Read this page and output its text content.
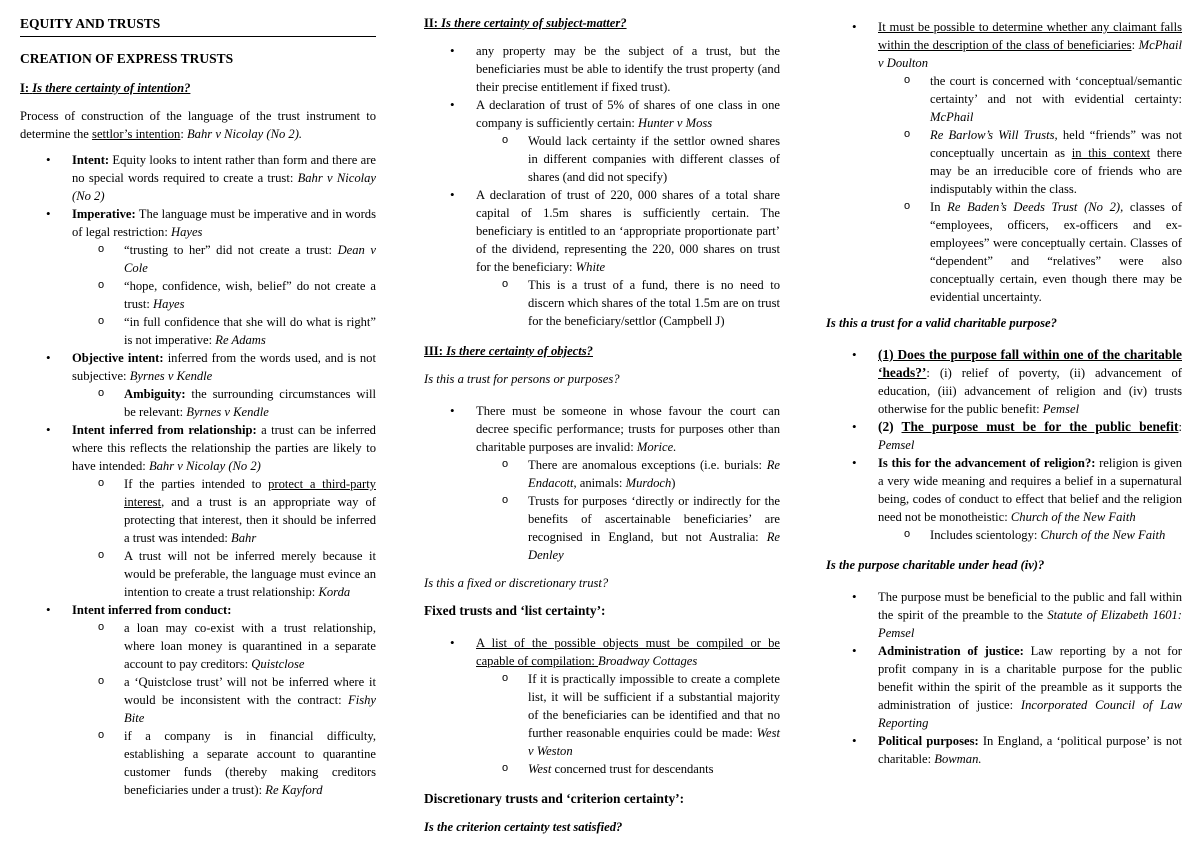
EQUITY AND TRUSTS
CREATION OF EXPRESS TRUSTS
I: Is there certainty of intention?

Process of construction of the language of the trust instrument to determine the settlor’s intention: Bahr v Nicolay (No 2).

• Intent: Equity looks to intent rather than form and there are no special words required to create a trust: Bahr v Nicolay (No 2)
• Imperative: The language must be imperative and in words of legal restriction: Hayes
o “trusting to her” did not create a trust: Dean v Cole
o “hope, confidence, wish, belief” do not create a trust: Hayes
o “in full confidence that she will do what is right” is not imperative: Re Adams
• Objective intent: inferred from the words used, and is not subjective: Byrnes v Kendle
o Ambiguity: the surrounding circumstances will be relevant: Byrnes v Kendle
• Intent inferred from relationship: a trust can be inferred where this reflects the relationship the parties are likely to have intended: Bahr v Nicolay (No 2)
o If the parties intended to protect a third-party interest, and a trust is an appropriate way of protecting that interest, then it should be inferred a trust was intended: Bahr
o A trust will not be inferred merely because it would be preferable, the language must evince an intention to create a trust relationship: Korda
• Intent inferred from conduct:
o a loan may co-exist with a trust relationship, where loan money is quarantined in a separate account to pay creditors: Quistclose
o a ‘Quistclose trust’ will not be inferred where it would be inconsistent with the contract: Fishy Bite
o if a company is in financial difficulty, establishing a separate account to quarantine customer funds (thereby making creditors beneficiaries under a trust): Re Kayford
II: Is there certainty of subject-matter?
• any property may be the subject of a trust, but the beneficiaries must be able to identify the trust property (and their precise entitlement if fixed trust).
• A declaration of trust of 5% of shares of one class in one company is sufficiently certain: Hunter v Moss
o Would lack certainty if the settlor owned shares in different companies with different classes of shares (and did not specify)
• A declaration of trust of 220, 000 shares of a total share capital of 1.5m shares is sufficiently certain. The beneficiary is entitled to an ‘appropriate proportionate part’ of the dividend, representing the 220, 000 shares on trust for the beneficiary: White
o This is a trust of a fund, there is no need to discern which shares of the total 1.5m are on trust for the beneficiary/settlor (Campbell J)
III: Is there certainty of objects?
Is this a trust for persons or purposes?
• There must be someone in whose favour the court can decree specific performance; trusts for purposes other than charitable purposes are invalid: Morice.
o There are anomalous exceptions (i.e. burials: Re Endacott, animals: Murdoch)
o Trusts for purposes ‘directly or indirectly for the benefits of ascertainable beneficiaries’ are recognised in England, but not Australia: Re Denley
Is this a fixed or discretionary trust?
Fixed trusts and ‘list certainty’:
• A list of the possible objects must be compiled or be capable of compilation: Broadway Cottages
o If it is practically impossible to create a complete list, it will be sufficient if a substantial majority of the beneficiaries can be identified and that no further reasonable enquiries could be made: West v Weston
o West concerned trust for descendants
Discretionary trusts and ‘criterion certainty’:
Is the criterion certainty test satisfied?
• It must be possible to determine whether any claimant falls within the description of the class of beneficiaries: McPhail v Doulton
o the court is concerned with ‘conceptual/semantic certainty’ and not with evidential certainty: McPhail
o Re Barlow’s Will Trusts, held “friends” was not conceptually uncertain as in this context there may be an irreducible core of friends who are indisputably within the class.
o In Re Baden’s Deeds Trust (No 2), classes of “employees, officers, ex-officers and ex-employees” were conceptually certain. Classes of “dependent” and “relatives” were also conceptually certain, even though there may be evidential uncertainty.
Is this a trust for a valid charitable purpose?
• (1) Does the purpose fall within one of the charitable ‘heads?’: (i) relief of poverty, (ii) advancement of education, (iii) advancement of religion and (iv) trusts otherwise for the public benefit: Pemsel
• (2) The purpose must be for the public benefit: Pemsel
• Is this for the advancement of religion?: religion is given a very wide meaning and requires a belief in a supernatural being, codes of conduct to effect that belief and the religion need not be monotheistic: Church of the New Faith
o Includes scientology: Church of the New Faith
Is the purpose charitable under head (iv)?
• The purpose must be beneficial to the public and fall within the spirit of the preamble to the Statute of Elizabeth 1601: Pemsel
• Administration of justice: Law reporting by a not for profit company in is a charitable purpose for the public benefit within the spirit of the preamble as it supports the administration of justice: Incorporated Council of Law Reporting
• Political purposes: In England, a ‘political purpose’ is not charitable: Bowman.
